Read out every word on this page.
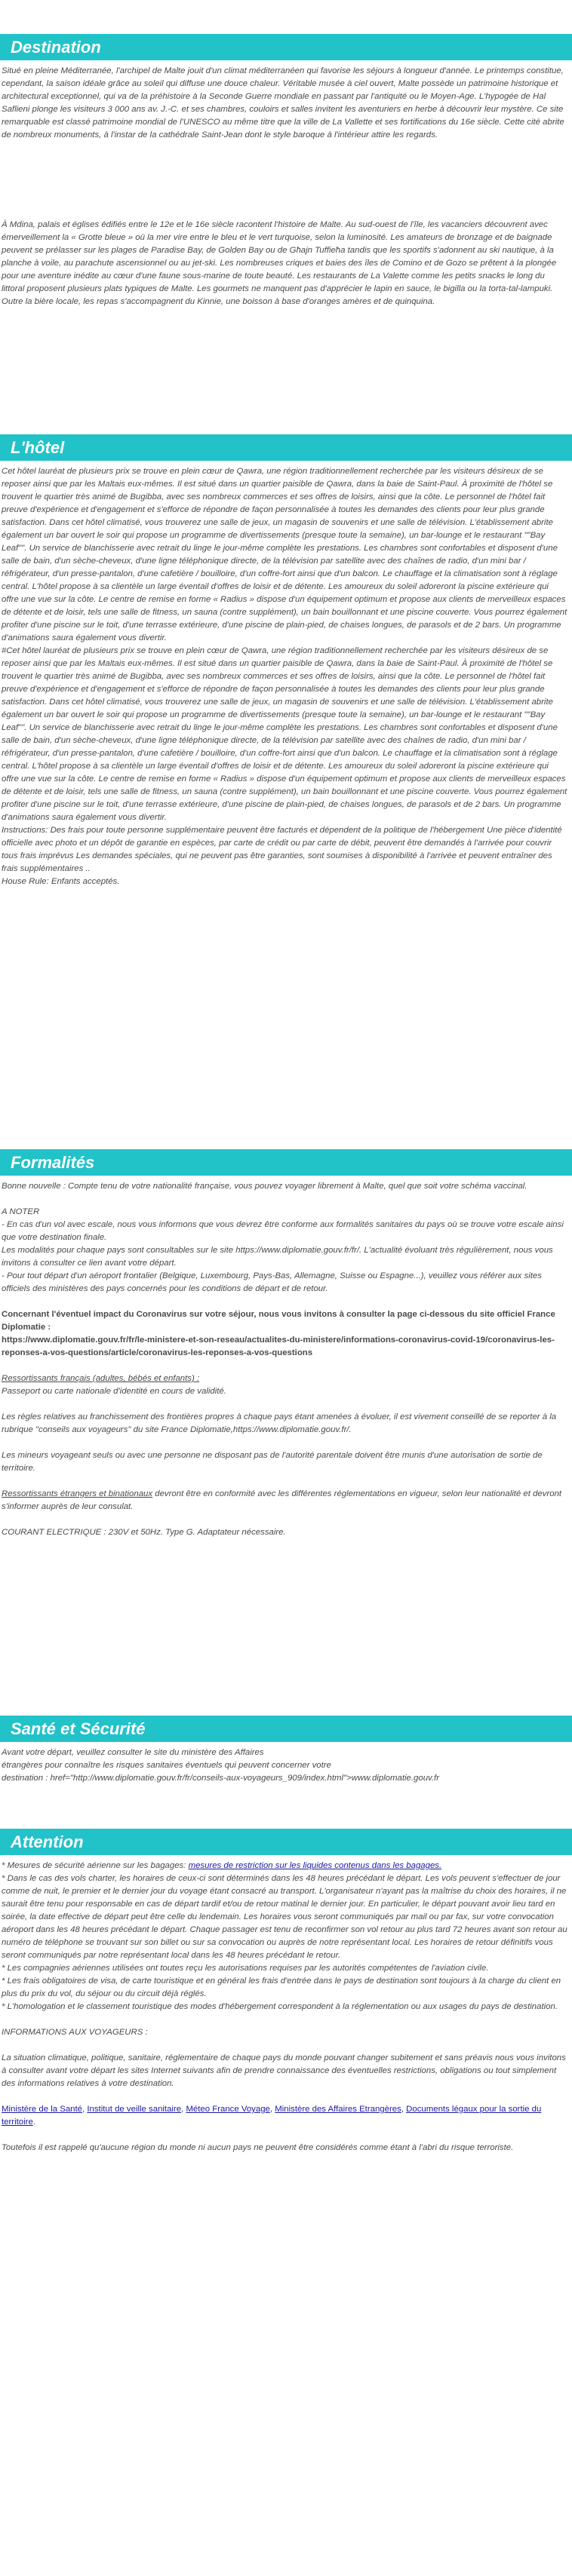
Destination

Situé en pleine Méditerranée, l'archipel de Malte jouit d'un climat méditerranéen qui favorise les séjours à longueur d'année. Le printemps constitue, cependant, la saison idéale grâce au soleil qui diffuse une douce chaleur. Véritable musée à ciel ouvert, Malte possède un patrimoine historique et architectural exceptionnel, qui va de la préhistoire à la Seconde Guerre mondiale en passant par l'antiquité ou le Moyen-Age. L'hypogée de Hal Saflieni plonge les visiteurs 3 000 ans av. J.-C. et ses chambres, couloirs et salles invitent les aventuriers en herbe à découvrir leur mystère. Ce site remarquable est classé patrimoine mondial de l'UNESCO au même titre que la ville de La Vallette et ses fortifications du 16e siècle. Cette cité abrite de nombreux monuments, à l'instar de la cathédrale Saint-Jean dont le style baroque à l'intérieur attire les regards.

À Mdina, palais et églises édifiés entre le 12e et le 16e siècle racontent l'histoire de Malte. Au sud-ouest de l'île, les vacanciers découvrent avec émerveillement la « Grotte bleue » où la mer vire entre le bleu et le vert turquoise, selon la luminosité. Les amateurs de bronzage et de baignade peuvent se prélasser sur les plages de Paradise Bay, de Golden Bay ou de Għajn Tuffieħa tandis que les sportifs s'adonnent au ski nautique, à la planche à voile, au parachute ascensionnel ou au jet-ski. Les nombreuses criques et baies des îles de Comino et de Gozo se prêtent à la plongée pour une aventure inédite au cœur d'une faune sous-marine de toute beauté. Les restaurants de La Valette comme les petits snacks le long du littoral proposent plusieurs plats typiques de Malte. Les gourmets ne manquent pas d'apprécier le lapin en sauce, le bigilla ou la torta-tal-lampuki. Outre la bière locale, les repas s'accompagnent du Kinnie, une boisson à base d'oranges amères et de quinquina.

L'hôtel

Cet hôtel lauréat de plusieurs prix se trouve en plein cœur de Qawra, une région traditionnellement recherchée par les visiteurs désireux de se reposer ainsi que par les Maltais eux-mêmes. Il est situé dans un quartier paisible de Qawra, dans la baie de Saint-Paul. À proximité de l'hôtel se trouvent le quartier très animé de Bugibba, avec ses nombreux commerces et ses offres de loisirs, ainsi que la côte. Le personnel de l'hôtel fait preuve d'expérience et d'engagement et s'efforce de répondre de façon personnalisée à toutes les demandes des clients pour leur plus grande satisfaction. Dans cet hôtel climatisé, vous trouverez une salle de jeux, un magasin de souvenirs et une salle de télévision. L'établissement abrite également un bar ouvert le soir qui propose un programme de divertissements (presque toute la semaine), un bar-lounge et le restaurant ""Bay Leaf"". Un service de blanchisserie avec retrait du linge le jour-même complète les prestations. Les chambres sont confortables et disposent d'une salle de bain, d'un sèche-cheveux, d'une ligne téléphonique directe, de la télévision par satellite avec des chaînes de radio, d'un mini bar / réfrigérateur, d'un presse-pantalon, d'une cafetière / bouilloire, d'un coffre-fort ainsi que d'un balcon. Le chauffage et la climatisation sont à réglage central. L'hôtel propose à sa clientèle un large éventail d'offres de loisir et de détente. Les amoureux du soleil adoreront la piscine extérieure qui offre une vue sur la côte. Le centre de remise en forme « Radius » dispose d'un équipement optimum et propose aux clients de merveilleux espaces de détente et de loisir, tels une salle de fitness, un sauna (contre supplément), un bain bouillonnant et une piscine couverte. Vous pourrez également profiter d'une piscine sur le toit, d'une terrasse extérieure, d'une piscine de plain-pied, de chaises longues, de parasols et de 2 bars. Un programme d'animations saura également vous divertir.

#Cet hôtel lauréat de plusieurs prix se trouve en plein cœur de Qawra, une région traditionnellement recherchée par les visiteurs désireux de se reposer ainsi que par les Maltais eux-mêmes. Il est situé dans un quartier paisible de Qawra, dans la baie de Saint-Paul. À proximité de l'hôtel se trouvent le quartier très animé de Bugibba, avec ses nombreux commerces et ses offres de loisirs, ainsi que la côte. Le personnel de l'hôtel fait preuve d'expérience et d'engagement et s'efforce de répondre de façon personnalisée à toutes les demandes des clients pour leur plus grande satisfaction. Dans cet hôtel climatisé, vous trouverez une salle de jeux, un magasin de souvenirs et une salle de télévision. L'établissement abrite également un bar ouvert le soir qui propose un programme de divertissements (presque toute la semaine), un bar-lounge et le restaurant ""Bay Leaf"". Un service de blanchisserie avec retrait du linge le jour-même complète les prestations. Les chambres sont confortables et disposent d'une salle de bain, d'un sèche-cheveux, d'une ligne téléphonique directe, de la télévision par satellite avec des chaînes de radio, d'un mini bar / réfrigérateur, d'un presse-pantalon, d'une cafetière / bouilloire, d'un coffre-fort ainsi que d'un balcon. Le chauffage et la climatisation sont à réglage central. L'hôtel propose à sa clientèle un large éventail d'offres de loisir et de détente. Les amoureux du soleil adoreront la piscine extérieure qui offre une vue sur la côte. Le centre de remise en forme « Radius » dispose d'un équipement optimum et propose aux clients de merveilleux espaces de détente et de loisir, tels une salle de fitness, un sauna (contre supplément), un bain bouillonnant et une piscine couverte. Vous pourrez également profiter d'une piscine sur le toit, d'une terrasse extérieure, d'une piscine de plain-pied, de chaises longues, de parasols et de 2 bars. Un programme d'animations saura également vous divertir.

Instructions: Des frais pour toute personne supplémentaire peuvent être facturés et dépendent de la politique de l'hébergement Une pièce d'identité officielle avec photo et un dépôt de garantie en espèces, par carte de crédit ou par carte de débit, peuvent être demandés à l'arrivée pour couvrir tous frais imprévus Les demandes spéciales, qui ne peuvent pas être garanties, sont soumises à disponibilité à l'arrivée et peuvent entraîner des frais supplémentaires ..

House Rule: Enfants acceptés.

Formalités

Bonne nouvelle : Compte tenu de votre nationalité française, vous pouvez voyager librement à Malte, quel que soit votre schéma vaccinal.

A NOTER

- En cas d'un vol avec escale, nous vous informons que vous devrez être conforme aux formalités sanitaires du pays où se trouve votre escale ainsi que votre destination finale.

Les modalités pour chaque pays sont consultables sur le site https://www.diplomatie.gouv.fr/fr/. L'actualité évoluant très régulièrement, nous vous invitons à consulter ce lien avant votre départ.

- Pour tout départ d'un aéroport frontalier (Belgique, Luxembourg, Pays-Bas, Allemagne, Suisse ou Espagne...), veuillez vous référer aux sites officiels des ministères des pays concernés pour les conditions de départ et de retour.

Concernant l'éventuel impact du Coronavirus sur votre séjour, nous vous invitons à consulter la page ci-dessous du site officiel France Diplomatie :

https://www.diplomatie.gouv.fr/fr/le-ministere-et-son-reseau/actualites-du-ministere/informations-coronavirus-covid-19/coronavirus-les-reponses-a-vos-questions/article/coronavirus-les-reponses-a-vos-questions

Ressortissants français (adultes, bébés et enfants) :

Passeport ou carte nationale d'identité en cours de validité.

Les règles relatives au franchissement des frontières propres à chaque pays étant amenées à évoluer, il est vivement conseillé de se reporter à la rubrique "conseils aux voyageurs" du site France Diplomatie,https://www.diplomatie.gouv.fr/.

Les mineurs voyageant seuls ou avec une personne ne disposant pas de l'autorité parentale doivent être munis d'une autorisation de sortie de territoire.

Ressortissants étrangers et binationaux devront être en conformité avec les différentes réglementations en vigueur, selon leur nationalité et devront s'informer auprès de leur consulat.

COURANT ELECTRIQUE : 230V et 50Hz. Type G. Adaptateur nécessaire.

Santé et Sécurité

Avant votre départ, veuillez consulter le site du ministère des Affaires

étrangères pour connaître les risques sanitaires éventuels qui peuvent concerner votre

destination : href="http://www.diplomatie.gouv.fr/fr/conseils-aux-voyageurs_909/index.html">www.diplomatie.gouv.fr

Attention

* Mesures de sécurité aérienne sur les bagages: mesures de restriction sur les liquides contenus dans les bagages.

* Dans le cas des vols charter, les horaires de ceux-ci sont déterminés dans les 48 heures précédant le départ. Les vols peuvent s'effectuer de jour comme de nuit, le premier et le dernier jour du voyage étant consacré au transport. L'organisateur n'ayant pas la maîtrise du choix des horaires, il ne saurait être tenu pour responsable en cas de départ tardif et/ou de retour matinal le dernier jour. En particulier, le départ pouvant avoir lieu tard en soirée, la date effective de départ peut être celle du lendemain. Les horaires vous seront communiqués par mail ou par fax, sur votre convocation aéroport dans les 48 heures précédant le départ. Chaque passager est tenu de reconfirmer son vol retour au plus tard 72 heures avant son retour au numéro de téléphone se trouvant sur son billet ou sur sa convocation ou auprès de notre représentant local. Les horaires de retour définitifs vous seront communiqués par notre représentant local dans les 48 heures précédant le retour.

* Les compagnies aériennes utilisées ont toutes reçu les autorisations requises par les autorités compétentes de l'aviation civile.

* Les frais obligatoires de visa, de carte touristique et en général les frais d'entrée dans le pays de destination sont toujours à la charge du client en plus du prix du vol, du séjour ou du circuit déjà réglés.

* L'homologation et le classement touristique des modes d'hébergement correspondent à la réglementation ou aux usages du pays de destination.

INFORMATIONS AUX VOYAGEURS :

La situation climatique, politique, sanitaire, réglementaire de chaque pays du monde pouvant changer subitement et sans préavis nous vous invitons à consulter avant votre départ les sites Internet suivants afin de prendre connaissance des éventuelles restrictions, obligations ou tout simplement des informations relatives à votre destination.

Ministère de la Santé, Institut de veille sanitaire, Méteo France Voyage, Ministère des Affaires Etrangères, Documents légaux pour la sortie du territoire.

Toutefois il est rappelé qu'aucune région du monde ni aucun pays ne peuvent être considérés comme étant à l'abri du risque terroriste.
